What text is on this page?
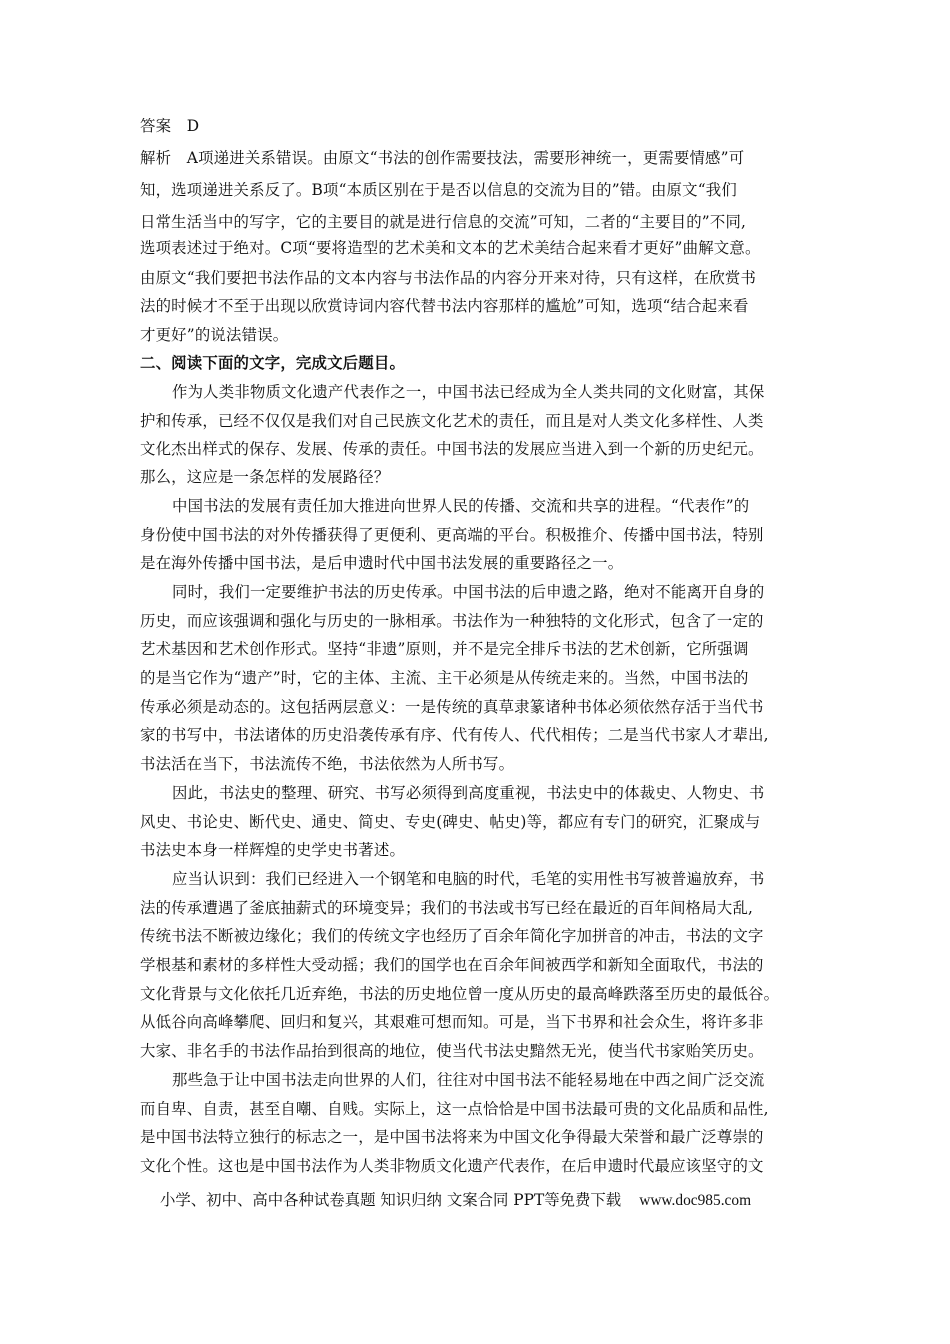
答案　D
解析　A项递进关系错误。由原文“书法的创作需要技法，需要形神统一，更需要情感”可
知，选项递进关系反了。B项“本质区别在于是否以信息的交流为目的”错。由原文“我们
日常生活当中的写字，它的主要目的就是进行信息的交流”可知，二者的“主要目的”不同,
选项表述过于绝对。C项“要将造型的艺术美和文本的艺术美结合起来看才更好”曲解文意。
由原文“我们要把书法作品的文本内容与书法作品的内容分开来对待，只有这样，在欣赏书
法的时候才不至于出现以欣赏诗词内容代替书法内容那样的尴尬”可知，选项“结合起来看
才更好”的说法错误。
二、阅读下面的文字，完成文后题目。
作为人类非物质文化遗产代表作之一，中国书法已经成为全人类共同的文化财富，其保
护和传承，已经不仅仅是我们对自己民族文化艺术的责任，而且是对人类文化多样性、人类
文化杰出样式的保存、发展、传承的责任。中国书法的发展应当进入到一个新的历史纪元。
那么，这应是一条怎样的发展路径？
中国书法的发展有责任加大推进向世界人民的传播、交流和共享的进程。“代表作”的
身份使中国书法的对外传播获得了更便利、更高端的平台。积极推介、传播中国书法，特别
是在海外传播中国书法，是后申遗时代中国书法发展的重要路径之一。
同时，我们一定要维护书法的历史传承。中国书法的后申遗之路，绝对不能离开自身的
历史，而应该强调和强化与历史的一脉相承。书法作为一种独特的文化形式，包含了一定的
艺术基因和艺术创作形式。坚持“非遗”原则，并不是完全排斥书法的艺术创新，它所强调
的是当它作为“遗产”时，它的主体、主流、主干必须是从传统走来的。当然，中国书法的
传承必须是动态的。这包括两层意义：一是传统的真草隶篆诸种书体必须依然存活于当代书
家的书写中，书法诸体的历史沿袭传承有序、代有传人、代代相传；二是当代书家人才辈出,
书法活在当下，书法流传不绝，书法依然为人所书写。
因此，书法史的整理、研究、书写必须得到高度重视，书法史中的体裁史、人物史、书
风史、书论史、断代史、通史、简史、专史(碑史、帖史)等，都应有专门的研究，汇聚成与
书法史本身一样辉煌的史学史书著述。
应当认识到：我们已经进入一个钢笔和电脑的时代，毛笔的实用性书写被普遍放弃，书
法的传承遭遇了釜底抽薪式的环境变异；我们的书法或书写已经在最近的百年间格局大乱,
传统书法不断被边缘化；我们的传统文字也经历了百余年简化字加拼音的冲击，书法的文字
学根基和素材的多样性大受动摇；我们的国学也在百余年间被西学和新知全面取代，书法的
文化背景与文化依托几近弃绝，书法的历史地位曾一度从历史的最高峰跌落至历史的最低谷。
从低谷向高峰攀爬、回归和复兴，其艰难可想而知。可是，当下书界和社会众生，将许多非
大家、非名手的书法作品抬到很高的地位，使当代书法史黯然无光，使当代书家贻笑历史。
那些急于让中国书法走向世界的人们，往往对中国书法不能轻易地在中西之间广泛交流
而自卑、自责，甚至自嘲、自贱。实际上，这一点恰恰是中国书法最可贵的文化品质和品性,
是中国书法特立独行的标志之一，是中国书法将来为中国文化争得最大荣誉和最广泛尊崇的
文化个性。这也是中国书法作为人类非物质文化遗产代表作，在后申遗时代最应该坚守的文
小学、初中、高中各种试卷真题 知识归纳 文案合同 PPT等免费下载 www.doc985.com
